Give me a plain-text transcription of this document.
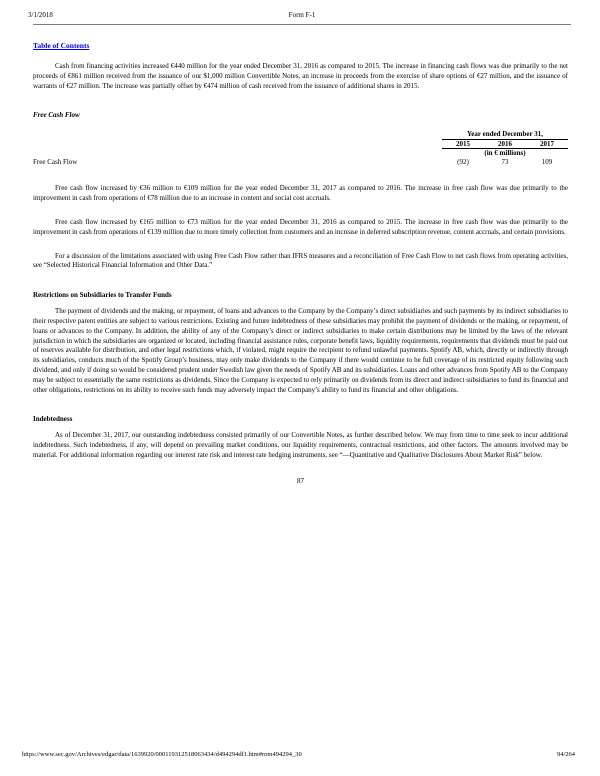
3/1/2018	Form F-1
Table of Contents

Cash from financing activities increased €440 million for the year ended December 31, 2016 as compared to 2015. The increase in financing cash flows was due primarily to the net proceeds of €861 million received from the issuance of our $1,000 million Convertible Notes, an increase in proceeds from the exercise of share options of €27 million, and the issuance of warrants of €27 million. The increase was partially offset by €474 million of cash received from the issuance of additional shares in 2015.

Free Cash Flow
	Year ended December 31,		
	2015	2016	2017
	(in € millions)		
Free Cash Flow	(92)	73	109

Free cash flow increased by €36 million to €109 million for the year ended December 31, 2017 as compared to 2016. The increase in free cash flow was due primarily to the improvement in cash from operations of €78 million due to an increase in content and social cost accruals.

Free cash flow increased by €165 million to €73 million for the year ended December 31, 2016 as compared to 2015. The increase in free cash flow was due primarily to the improvement in cash from operations of €139 million due to more timely collection from customers and an increase in deferred subscription revenue, content accruals, and certain provisions.

For a discussion of the limitations associated with using Free Cash Flow rather than IFRS measures and a reconciliation of Free Cash Flow to net cash flows from operating activities, see “Selected Historical Financial Information and Other Data.”

Restrictions on Subsidiaries to Transfer Funds

The payment of dividends and the making, or repayment, of loans and advances to the Company by the Company’s direct subsidiaries and such payments by its indirect subsidiaries to their respective parent entities are subject to various restrictions. Existing and future indebtedness of these subsidiaries may prohibit the payment of dividends or the making, or repayment, of loans or advances to the Company. In addition, the ability of any of the Company’s direct or indirect subsidiaries to make certain distributions may be limited by the laws of the relevant jurisdiction in which the subsidiaries are organized or located, including financial assistance rules, corporate benefit laws, liquidity requirements, requirements that dividends must be paid out of reserves available for distribution, and other legal restrictions which, if violated, might require the recipient to refund unlawful payments. Spotify AB, which, directly or indirectly through its subsidiaries, conducts much of the Spotify Group’s business, may only make dividends to the Company if there would continue to be full coverage of its restricted equity following such dividend, and only if doing so would be considered prudent under Swedish law given the needs of Spotify AB and its subsidiaries. Loans and other advances from Spotify AB to the Company may be subject to essentially the same restrictions as dividends. Since the Company is expected to rely primarily on dividends from its direct and indirect subsidiaries to fund its financial and other obligations, restrictions on its ability to receive such funds may adversely impact the Company’s ability to fund its financial and other obligations.

Indebtedness

As of December 31, 2017, our outstanding indebtedness consisted primarily of our Convertible Notes, as further described below. We may from time to time seek to incur additional indebtedness. Such indebtedness, if any, will depend on prevailing market conditions, our liquidity requirements, contractual restrictions, and other factors. The amounts involved may be material. For additional information regarding our interest rate risk and interest rate hedging instruments, see “—Quantitative and Qualitative Disclosures About Market Risk” below.

87
https://www.sec.gov/Archives/edgar/data/1639920/000119312518063434/d494294df1.htm#rom494294_30	94/264
